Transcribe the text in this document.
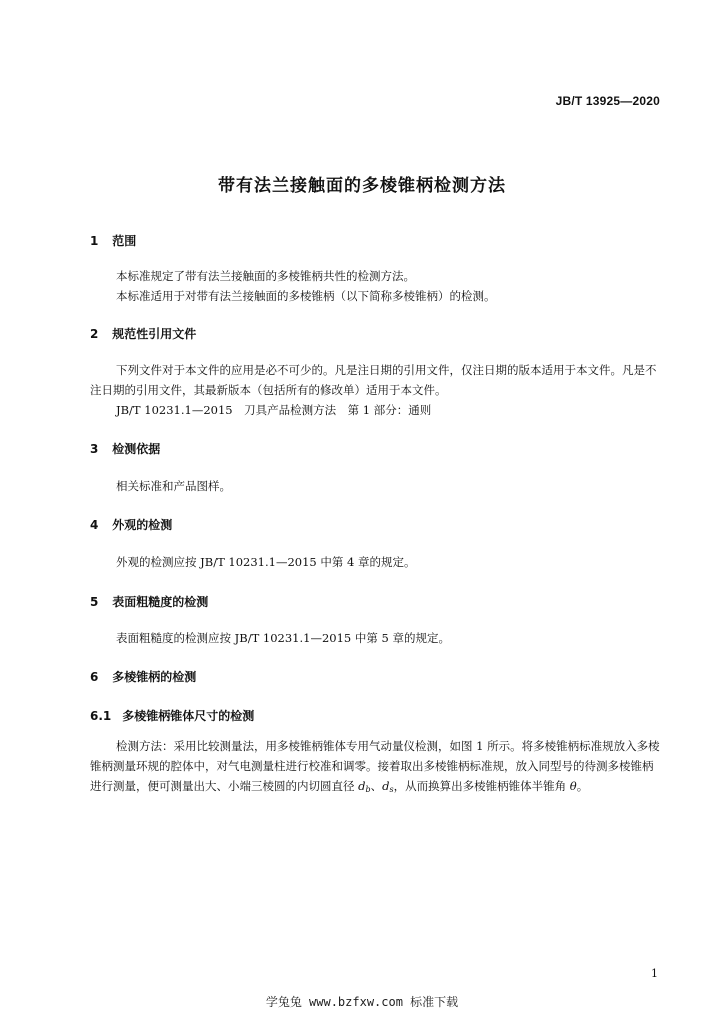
JB/T 13925—2020
带有法兰接触面的多棱锥柄检测方法
1 范围
本标准规定了带有法兰接触面的多棱锥柄共性的检测方法。
本标准适用于对带有法兰接触面的多棱锥柄（以下简称多棱锥柄）的检测。
2 规范性引用文件
下列文件对于本文件的应用是必不可少的。凡是注日期的引用文件，仅注日期的版本适用于本文件。凡是不注日期的引用文件，其最新版本（包括所有的修改单）适用于本文件。
JB/T 10231.1—2015　刀具产品检测方法　第 1 部分：通则
3 检测依据
相关标准和产品图样。
4 外观的检测
外观的检测应按 JB/T 10231.1—2015 中第 4 章的规定。
5 表面粗糙度的检测
表面粗糙度的检测应按 JB/T 10231.1—2015 中第 5 章的规定。
6 多棱锥柄的检测
6.1 多棱锥柄锥体尺寸的检测
检测方法：采用比较测量法，用多棱锥柄锥体专用气动量仪检测，如图 1 所示。将多棱锥柄标准规放入多棱锥柄测量环规的腔体中，对气电测量柱进行校准和调零。接着取出多棱锥柄标准规，放入同型号的待测多棱锥柄进行测量，便可测量出大、小端三棱圆的内切圆直径 $d_b$、$d_s$，从而换算出多棱锥柄锥体半锥角 θ。
1
学兔兔 www.bzfxw.com 标准下载
